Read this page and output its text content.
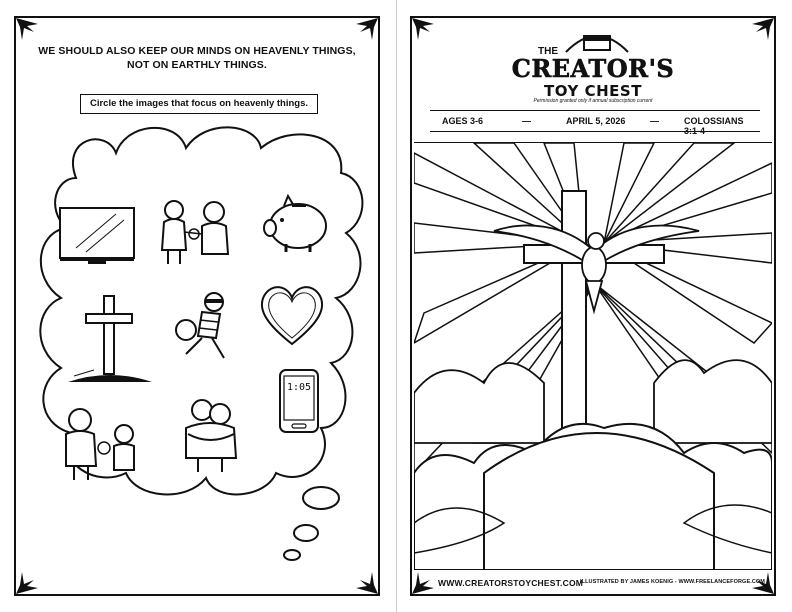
WE SHOULD ALSO KEEP OUR MINDS ON HEAVENLY THINGS,
NOT ON EARTHLY THINGS.
Circle the images that focus on heavenly things.
1:05
THE
CREATOR'S
TOY CHEST
Permission granted only if annual subscription current
AGES 3-6	—	APRIL 5, 2026	—	COLOSSIANS 3:1-4
WWW.CREATORSTOYCHEST.COM
ILLUSTRATED BY JAMES KOENIG - WWW.FREELANCEFORGE.COM
